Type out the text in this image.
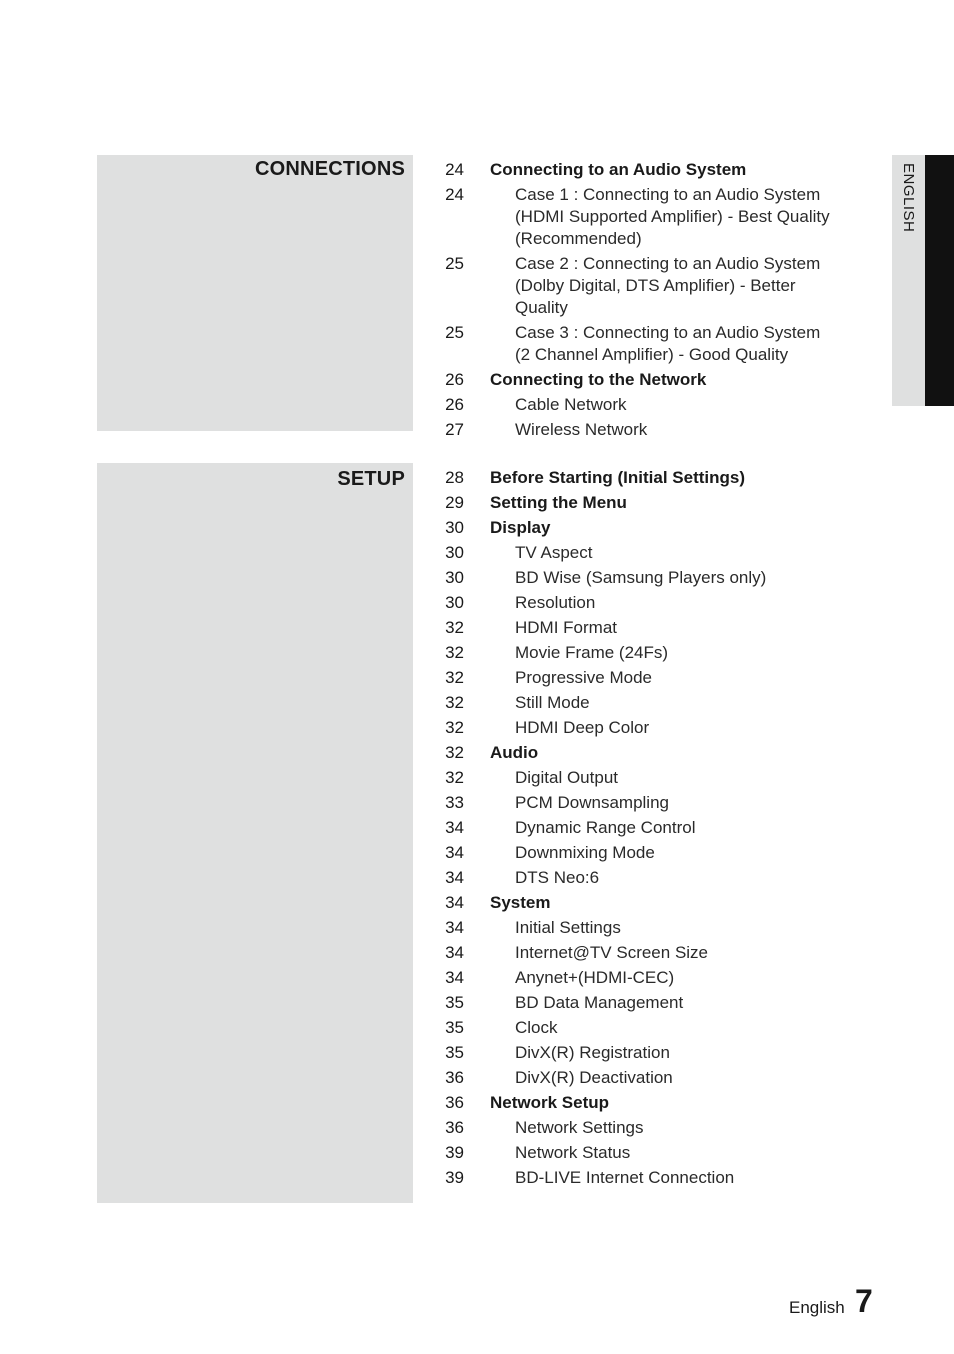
CONNECTIONS	24	Connecting to an Audio System
24	Case 1 : Connecting to an Audio System
(HDMI Supported Amplifier) - Best Quality
(Recommended)
25	Case 2 : Connecting to an Audio System
(Dolby Digital, DTS Amplifier) - Better Quality
25	Case 3 : Connecting to an Audio System
(2 Channel Amplifier) - Good Quality
26	Connecting to the Network
26	Cable Network
27	Wireless Network
SETUP	28	Before Starting (Initial Settings)
29	Setting the Menu
30	Display
30	TV Aspect
30	BD Wise (Samsung Players only)
30	Resolution
32	HDMI Format
32	Movie Frame (24Fs)
32	Progressive Mode
32	Still Mode
32	HDMI Deep Color
32	Audio
32	Digital Output
33	PCM Downsampling
34	Dynamic Range Control
34	Downmixing Mode
34	DTS Neo:6
34	System
34	Initial Settings
34	Internet@TV Screen Size
34	Anynet+(HDMI-CEC)
35	BD Data Management
35	Clock
35	DivX(R) Registration
36	DivX(R) Deactivation
36	Network Setup
36	Network Settings
39	Network Status
39	BD-LIVE Internet Connection
ENGLISH
English 7
